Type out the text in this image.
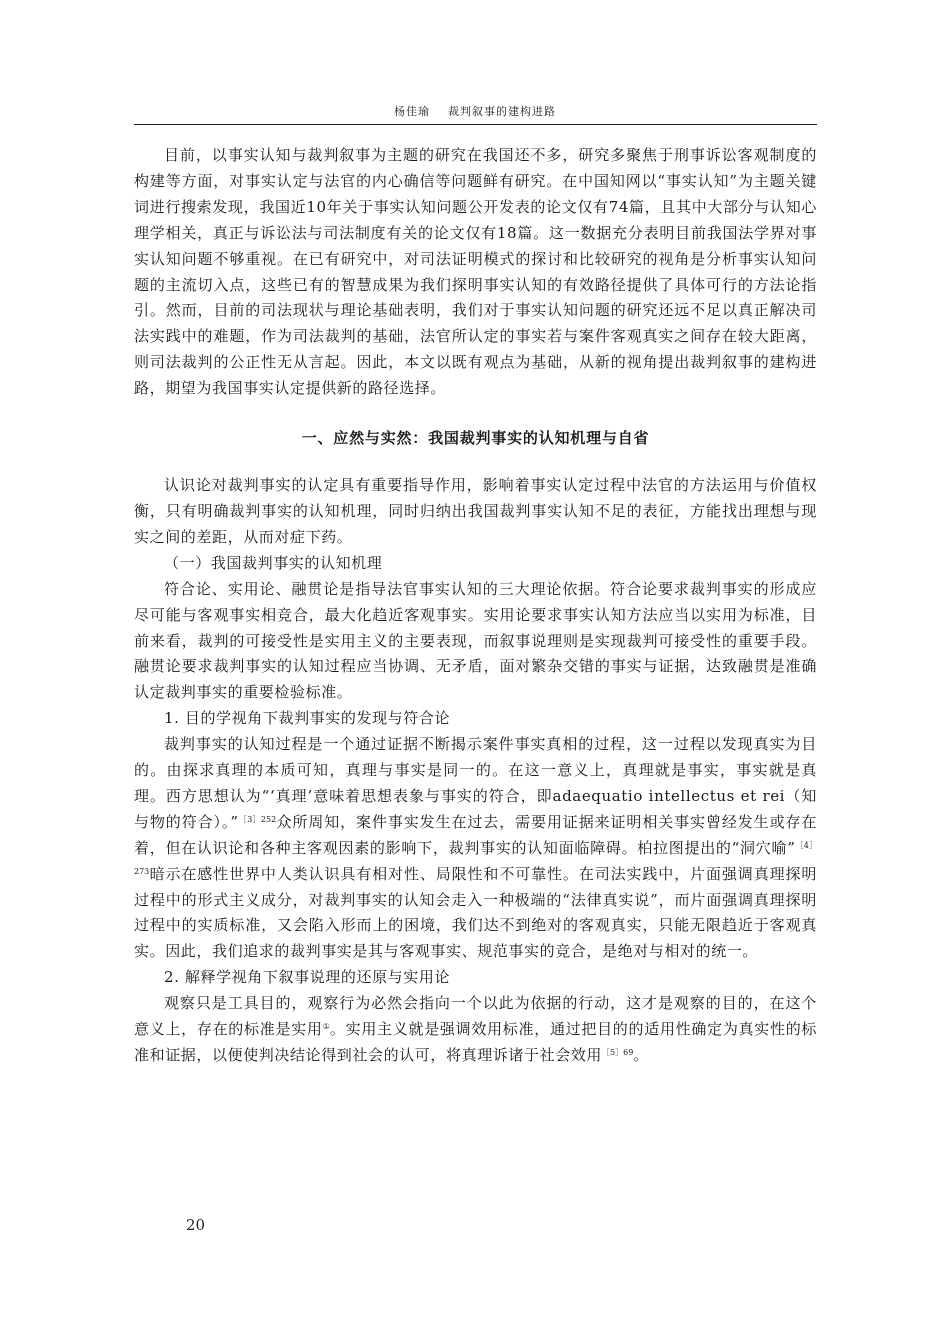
杨佳瑜 裁判叙事的建构进路

目前，以事实认知与裁判叙事为主题的研究在我国还不多，研究多聚焦于刑事诉讼客观制度的构建等方面，对事实认定与法官的内心确信等问题鲜有研究。在中国知网以“事实认知”为主题关键词进行搜索发现，我国近10年关于事实认知问题公开发表的论文仅有74篇，且其中大部分与认知心理学相关，真正与诉讼法与司法制度有关的论文仅有18篇。这一数据充分表明目前我国法学界对事实认知问题不够重视。在已有研究中，对司法证明模式的探讨和比较研究的视角是分析事实认知问题的主流切入点，这些已有的智慧成果为我们探明事实认知的有效路径提供了具体可行的方法论指引。然而，目前的司法现状与理论基础表明，我们对于事实认知问题的研究还远不足以真正解决司法实践中的难题，作为司法裁判的基础，法官所认定的事实若与案件客观真实之间存在较大距离，则司法裁判的公正性无从言起。因此，本文以既有观点为基础，从新的视角提出裁判叙事的建构进路，期望为我国事实认定提供新的路径选择。

一、应然与实然：我国裁判事实的认知机理与自省

认识论对裁判事实的认定具有重要指导作用，影响着事实认定过程中法官的方法运用与价值权衡，只有明确裁判事实的认知机理，同时归纳出我国裁判事实认知不足的表征，方能找出理想与现实之间的差距，从而对症下药。

（一）我国裁判事实的认知机理

符合论、实用论、融贯论是指导法官事实认知的三大理论依据。符合论要求裁判事实的形成应尽可能与客观事实相竞合，最大化趋近客观事实。实用论要求事实认知方法应当以实用为标准，目前来看，裁判的可接受性是实用主义的主要表现，而叙事说理则是实现裁判可接受性的重要手段。融贯论要求裁判事实的认知过程应当协调、无矛盾，面对繁杂交错的事实与证据，达致融贯是准确认定裁判事实的重要检验标准。

1. 目的学视角下裁判事实的发现与符合论

裁判事实的认知过程是一个通过证据不断揭示案件事实真相的过程，这一过程以发现真实为目的。由探求真理的本质可知，真理与事实是同一的。在这一意义上，真理就是事实，事实就是真理。西方思想认为“‘真理’意味着思想表象与事实的符合，即adaequatio intellectus et rei（知与物的符合）。”$^{[3]252}$众所周知，案件事实发生在过去，需要用证据来证明相关事实曾经发生或存在着，但在认识论和各种主客观因素的影响下，裁判事实的认知面临障碍。柏拉图提出的“洞穴喻”$^{[4]273}$暗示在感性世界中人类认识具有相对性、局限性和不可靠性。在司法实践中，片面强调真理探明过程中的形式主义成分，对裁判事实的认知会走入一种极端的“法律真实说”，而片面强调真理探明过程中的实质标准，又会陷入形而上的困境，我们达不到绝对的客观真实，只能无限趋近于客观真实。因此，我们追求的裁判事实是其与客观事实、规范事实的竞合，是绝对与相对的统一。

2. 解释学视角下叙事说理的还原与实用论

观察只是工具目的，观察行为必然会指向一个以此为依据的行动，这才是观察的目的，在这个意义上，存在的标准是实用①。实用主义就是强调效用标准，通过把目的的适用性确定为真实性的标准和证据，以便使判决结论得到社会的认可，将真理诉诸于社会效用$^{[5]69}$。

20
